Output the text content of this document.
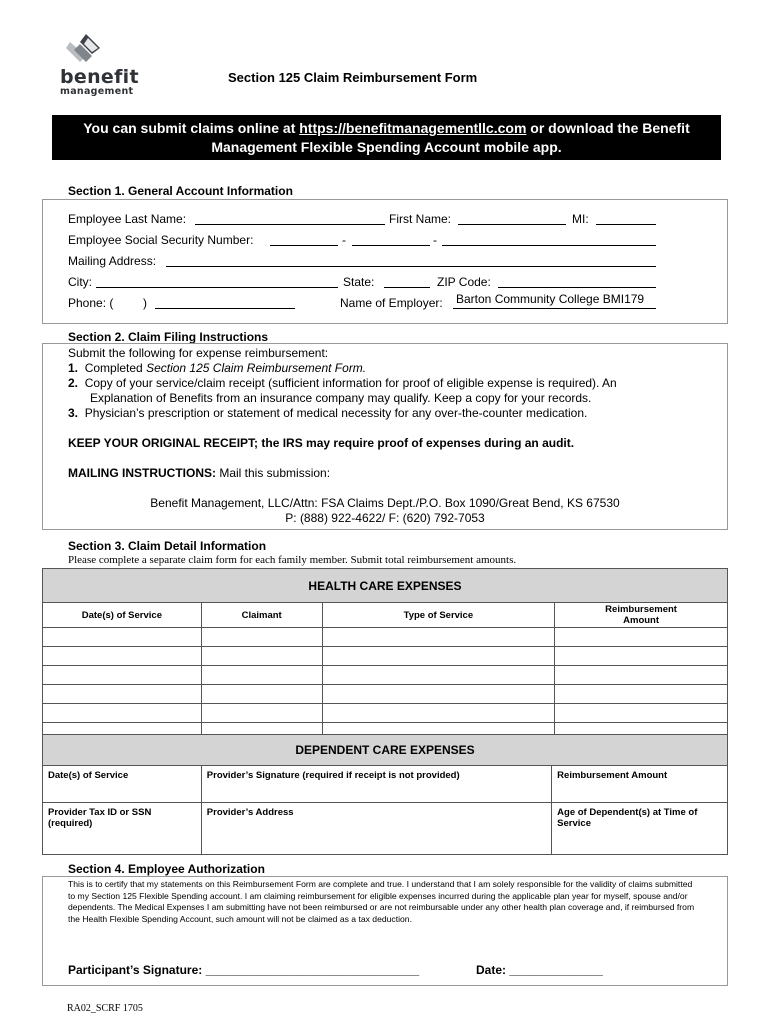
benefit
management
Section 125 Claim Reimbursement Form
You can submit claims online at https://benefitmanagementllc.com or download the Benefit
Management Flexible Spending Account mobile app.
Section 1. General Account Information
Employee Last Name:	First Name:	MI:
Employee Social Security Number:	-	-
Mailing Address:
City:	State:	ZIP Code:
Phone: ( )	Name of Employer: Barton Community College BMI179
Section 2. Claim Filing Instructions
Submit the following for expense reimbursement:
1. Completed Section 125 Claim Reimbursement Form.
2. Copy of your service/claim receipt (sufficient information for proof of eligible expense is required). An
Explanation of Benefits from an insurance company may qualify. Keep a copy for your records.
3. Physician’s prescription or statement of medical necessity for any over-the-counter medication.
KEEP YOUR ORIGINAL RECEIPT; the IRS may require proof of expenses during an audit.
MAILING INSTRUCTIONS: Mail this submission:
Benefit Management, LLC/Attn: FSA Claims Dept./P.O. Box 1090/Great Bend, KS 67530
P: (888) 922-4622/ F: (620) 792-7053
Section 3. Claim Detail Information
Please complete a separate claim form for each family member. Submit total reimbursement amounts.
HEALTH CARE EXPENSES			
Date(s) of Service	Claimant	Type of Service	Reimbursement
Amount

DEPENDENT CARE EXPENSES		
Date(s) of Service	Provider’s Signature (required if receipt is not provided)	Reimbursement Amount
Provider Tax ID or SSN
(required)	Provider’s Address	Age of Dependent(s) at Time of
Service
Section 4. Employee Authorization
This is to certify that my statements on this Reimbursement Form are complete and true. I understand that I am solely responsible for the validity of claims submitted to my Section 125 Flexible Spending account. I am claiming reimbursement for eligible expenses incurred during the applicable plan year for myself, spouse and/or dependents. The Medical Expenses I am submitting have not been reimbursed or are not reimbursable under any other health plan coverage and, if reimbursed from the Health Flexible Spending Account, such amount will not be claimed as a tax deduction.
Participant’s Signature: ________________________________	Date: ______________
RA02_SCRF 1705
